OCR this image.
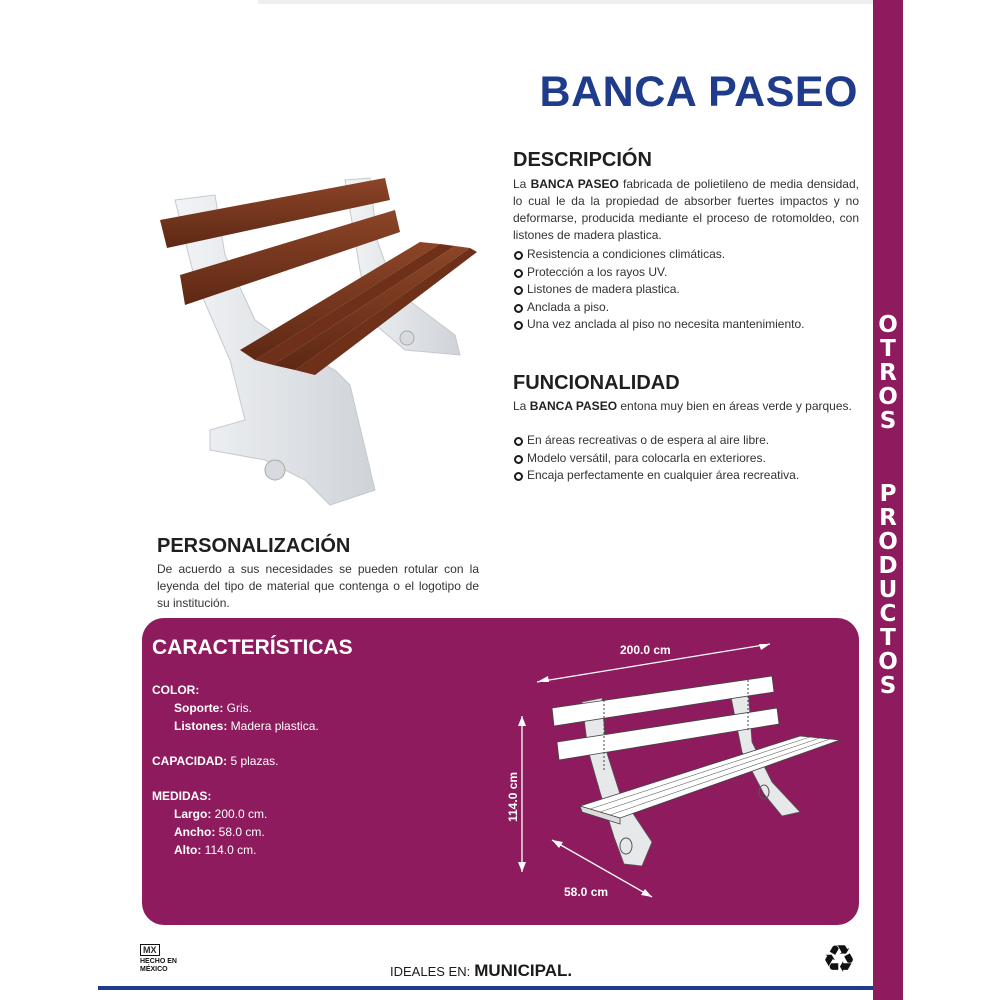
O
T
R
O
S
P
R
O
D
U
C
T
O
S
BANCA PASEO
DESCRIPCIÓN
La BANCA PASEO fabricada de polietileno de media densidad, lo cual le da la propiedad de absorber fuertes impactos y no deformarse, producida mediante el proceso de rotomoldeo, con listones de madera plastica.
Resistencia a condiciones climáticas.
Protección a los rayos UV.
Listones de madera plastica.
Anclada a piso.
Una vez anclada al piso no necesita mantenimiento.
FUNCIONALIDAD
La BANCA PASEO entona muy bien en áreas verde y parques.
En áreas recreativas o de espera al aire libre.
Modelo versátil, para colocarla en exteriores.
Encaja perfectamente en cualquier área recreativa.
PERSONALIZACIÓN
De acuerdo a sus necesidades se pueden rotular con la leyenda del tipo de material que contenga o el logotipo de su institución.
CARACTERÍSTICAS
COLOR:
Soporte: Gris.
Listones: Madera plastica.
CAPACIDAD: 5 plazas.
MEDIDAS:
Largo: 200.0 cm.
Ancho: 58.0 cm.
Alto: 114.0 cm.
200.0 cm
114.0 cm
58.0 cm
MX
HECHO EN
MÉXICO	IDEALES EN: MUNICIPAL.	♻
